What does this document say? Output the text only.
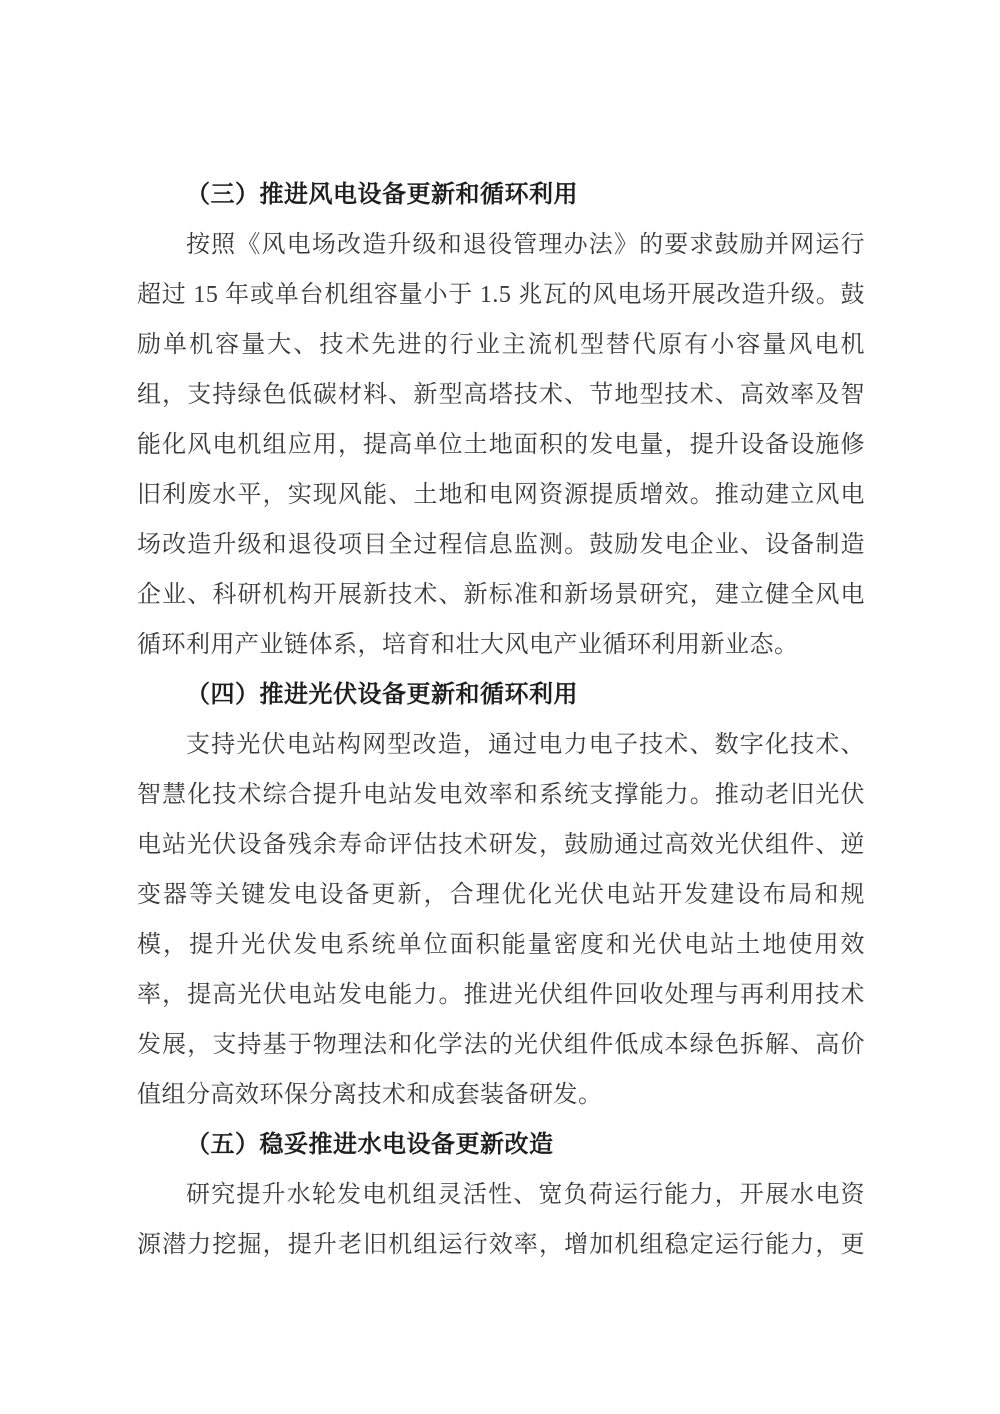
（三）推进风电设备更新和循环利用
按照《风电场改造升级和退役管理办法》的要求鼓励并网运行
超过 15 年或单台机组容量小于 1.5 兆瓦的风电场开展改造升级。鼓
励单机容量大、技术先进的行业主流机型替代原有小容量风电机
组，支持绿色低碳材料、新型高塔技术、节地型技术、高效率及智
能化风电机组应用，提高单位土地面积的发电量，提升设备设施修
旧利废水平，实现风能、土地和电网资源提质增效。推动建立风电
场改造升级和退役项目全过程信息监测。鼓励发电企业、设备制造
企业、科研机构开展新技术、新标准和新场景研究，建立健全风电
循环利用产业链体系，培育和壮大风电产业循环利用新业态。
（四）推进光伏设备更新和循环利用
支持光伏电站构网型改造，通过电力电子技术、数字化技术、
智慧化技术综合提升电站发电效率和系统支撑能力。推动老旧光伏
电站光伏设备残余寿命评估技术研发，鼓励通过高效光伏组件、逆
变器等关键发电设备更新，合理优化光伏电站开发建设布局和规
模，提升光伏发电系统单位面积能量密度和光伏电站土地使用效
率，提高光伏电站发电能力。推进光伏组件回收处理与再利用技术
发展，支持基于物理法和化学法的光伏组件低成本绿色拆解、高价
值组分高效环保分离技术和成套装备研发。
（五）稳妥推进水电设备更新改造
研究提升水轮发电机组灵活性、宽负荷运行能力，开展水电资
源潜力挖掘，提升老旧机组运行效率，增加机组稳定运行能力，更
